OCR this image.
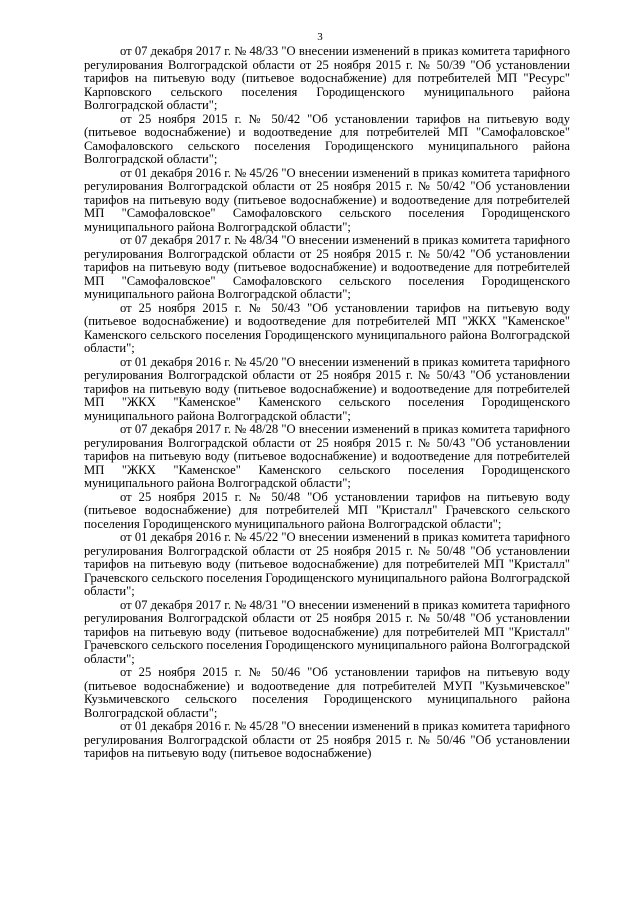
3

от 07 декабря 2017 г. № 48/33 "О внесении изменений в приказ комитета тарифного регулирования Волгоградской области от 25 ноября 2015 г. № 50/39 "Об установлении тарифов на питьевую воду (питьевое водоснабжение) для потребителей МП "Ресурс" Карповского сельского поселения Городищенского муниципального района Волгоградской области";

от 25 ноября 2015 г. № 50/42 "Об установлении тарифов на питьевую воду (питьевое водоснабжение) и водоотведение для потребителей МП "Самофаловское" Самофаловского сельского поселения Городищенского муниципального района Волгоградской области";

от 01 декабря 2016 г. № 45/26 "О внесении изменений в приказ комитета тарифного регулирования Волгоградской области от 25 ноября 2015 г. № 50/42 "Об установлении тарифов на питьевую воду (питьевое водоснабжение) и водоотведение для потребителей МП "Самофаловское" Самофаловского сельского поселения Городищенского муниципального района Волгоградской области";

от 07 декабря 2017 г. № 48/34 "О внесении изменений в приказ комитета тарифного регулирования Волгоградской области от 25 ноября 2015 г. № 50/42 "Об установлении тарифов на питьевую воду (питьевое водоснабжение) и водоотведение для потребителей МП "Самофаловское" Самофаловского сельского поселения Городищенского муниципального района Волгоградской области";

от 25 ноября 2015 г. № 50/43 "Об установлении тарифов на питьевую воду (питьевое водоснабжение) и водоотведение для потребителей МП "ЖКХ "Каменское" Каменского сельского поселения Городищенского муниципального района Волгоградской области";

от 01 декабря 2016 г. № 45/20 "О внесении изменений в приказ комитета тарифного регулирования Волгоградской области от 25 ноября 2015 г. № 50/43 "Об установлении тарифов на питьевую воду (питьевое водоснабжение) и водоотведение для потребителей МП "ЖКХ "Каменское" Каменского сельского поселения Городищенского муниципального района Волгоградской области";

от 07 декабря 2017 г. № 48/28 "О внесении изменений в приказ комитета тарифного регулирования Волгоградской области от 25 ноября 2015 г. № 50/43 "Об установлении тарифов на питьевую воду (питьевое водоснабжение) и водоотведение для потребителей МП "ЖКХ "Каменское" Каменского сельского поселения Городищенского муниципального района Волгоградской области";

от 25 ноября 2015 г. № 50/48 "Об установлении тарифов на питьевую воду (питьевое водоснабжение) для потребителей МП "Кристалл" Грачевского сельского поселения Городищенского муниципального района Волгоградской области";

от 01 декабря 2016 г. № 45/22 "О внесении изменений в приказ комитета тарифного регулирования Волгоградской области от 25 ноября 2015 г. № 50/48 "Об установлении тарифов на питьевую воду (питьевое водоснабжение) для потребителей МП "Кристалл" Грачевского сельского поселения Городищенского муниципального района Волгоградской области";

от 07 декабря 2017 г. № 48/31 "О внесении изменений в приказ комитета тарифного регулирования Волгоградской области от 25 ноября 2015 г. № 50/48 "Об установлении тарифов на питьевую воду (питьевое водоснабжение) для потребителей МП "Кристалл" Грачевского сельского поселения Городищенского муниципального района Волгоградской области";

от 25 ноября 2015 г. № 50/46 "Об установлении тарифов на питьевую воду (питьевое водоснабжение) и водоотведение для потребителей МУП "Кузьмичевское" Кузьмичевского сельского поселения Городищенского муниципального района Волгоградской области";

от 01 декабря 2016 г. № 45/28 "О внесении изменений в приказ комитета тарифного регулирования Волгоградской области от 25 ноября 2015 г. № 50/46 "Об установлении тарифов на питьевую воду (питьевое водоснабжение)
